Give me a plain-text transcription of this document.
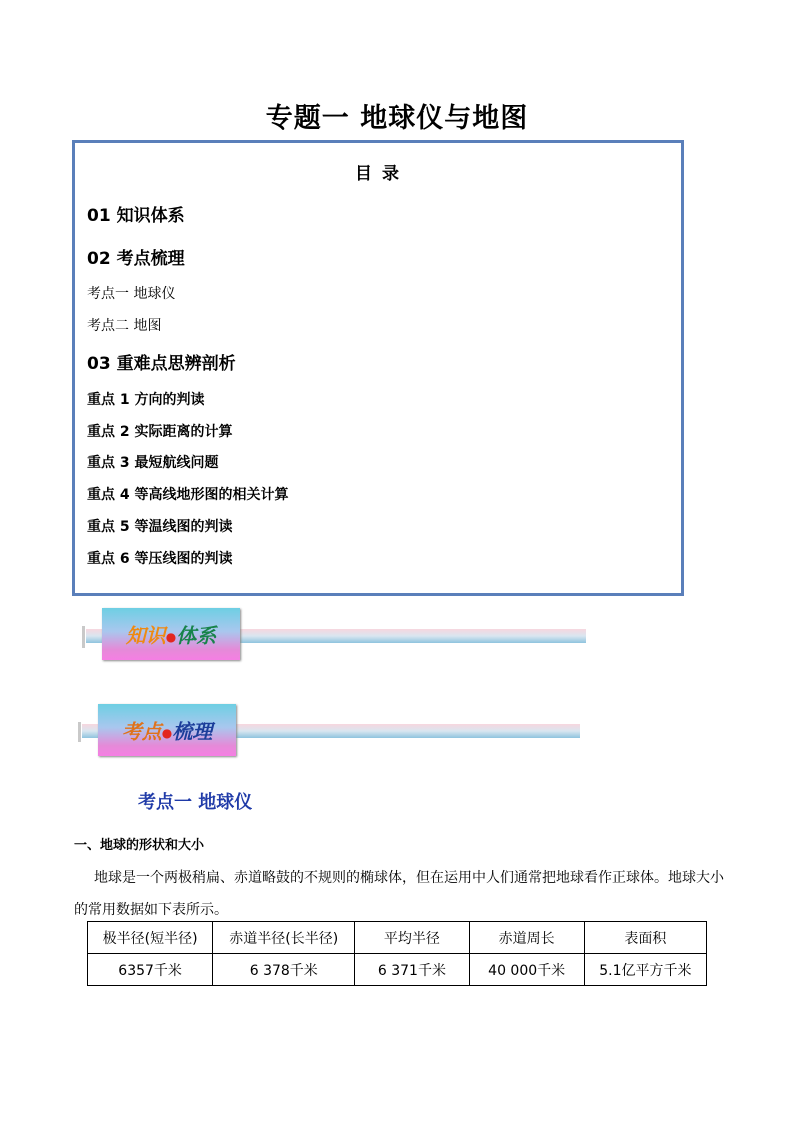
专题一 地球仪与地图
目 录
01 知识体系
02 考点梳理
考点一 地球仪
考点二 地图
03 重难点思辨剖析
重点 1 方向的判读
重点 2 实际距离的计算
重点 3 最短航线问题
重点 4 等高线地形图的相关计算
重点 5 等温线图的判读
重点 6 等压线图的判读
知识●体系
考点●梳理
考点一 地球仪
一、地球的形状和大小
地球是一个两极稍扁、赤道略鼓的不规则的椭球体，但在运用中人们通常把地球看作正球体。地球大小的常用数据如下表所示。
极半径(短半径)	赤道半径(长半径)	平均半径	赤道周长	表面积
6357千米	6 378千米	6 371千米	40 000千米	5.1亿平方千米
